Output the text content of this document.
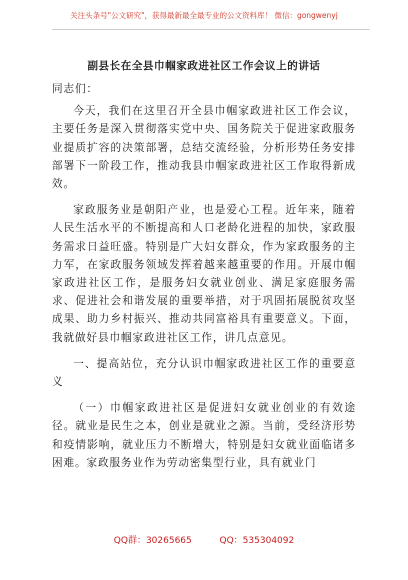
关注头条号"公文研究"，获得最新最全最专业的公文资料库！ 微信：gongwenyj
副县长在全县巾帼家政进社区工作会议上的讲话

同志们：

今天，我们在这里召开全县巾帼家政进社区工作会议，主要任务是深入贯彻落实党中央、国务院关于促进家政服务业提质扩容的决策部署，总结交流经验，分析形势任务安排部署下一阶段工作，推动我县巾帼家政进社区工作取得新成效。

家政服务业是朝阳产业，也是爱心工程。近年来，随着人民生活水平的不断提高和人口老龄化进程的加快，家政服务需求日益旺盛。特别是广大妇女群众，作为家政服务的主力军，在家政服务领域发挥着越来越重要的作用。开展巾帼家政进社区工作，是服务妇女就业创业、满足家庭服务需求、促进社会和谐发展的重要举措，对于巩固拓展脱贫攻坚成果、助力乡村振兴、推动共同富裕具有重要意义。下面，我就做好县巾帼家政进社区工作，讲几点意见。

一、提高站位，充分认识巾帼家政进社区工作的重要意义

（一）巾帼家政进社区是促进妇女就业创业的有效途径。就业是民生之本，创业是就业之源。当前，受经济形势和疫情影响，就业压力不断增大，特别是妇女就业面临诸多困难。家政服务业作为劳动密集型行业，具有就业门

QQ群：30265665	QQ：535304092
